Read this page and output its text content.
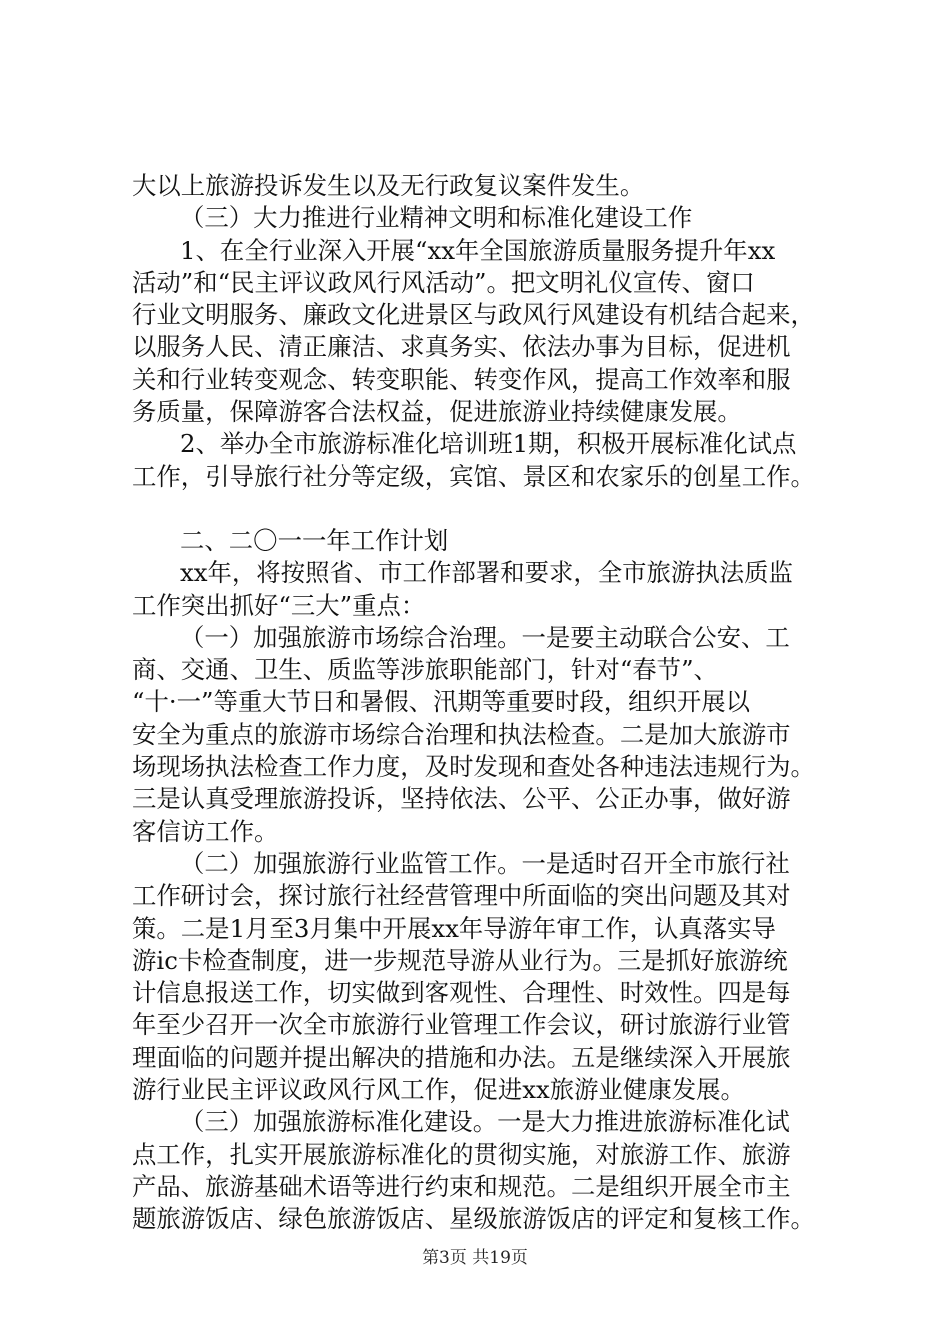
大以上旅游投诉发生以及无行政复议案件发生。
（三）大力推进行业精神文明和标准化建设工作
1、在全行业深入开展“xx年全国旅游质量服务提升年xx
活动”和“民主评议政风行风活动”。把文明礼仪宣传、窗口
行业文明服务、廉政文化进景区与政风行风建设有机结合起来，
以服务人民、清正廉洁、求真务实、依法办事为目标，促进机
关和行业转变观念、转变职能、转变作风，提高工作效率和服
务质量，保障游客合法权益，促进旅游业持续健康发展。
2、举办全市旅游标准化培训班1期，积极开展标准化试点
工作，引导旅行社分等定级，宾馆、景区和农家乐的创星工作。
二、二〇一一年工作计划
xx年，将按照省、市工作部署和要求，全市旅游执法质监
工作突出抓好“三大”重点：
（一）加强旅游市场综合治理。一是要主动联合公安、工
商、交通、卫生、质监等涉旅职能部门，针对“春节”、
“十·一”等重大节日和暑假、汛期等重要时段，组织开展以
安全为重点的旅游市场综合治理和执法检查。二是加大旅游市
场现场执法检查工作力度，及时发现和查处各种违法违规行为。
三是认真受理旅游投诉，坚持依法、公平、公正办事，做好游
客信访工作。
（二）加强旅游行业监管工作。一是适时召开全市旅行社
工作研讨会，探讨旅行社经营管理中所面临的突出问题及其对
策。二是1月至3月集中开展xx年导游年审工作，认真落实导
游ic卡检查制度，进一步规范导游从业行为。三是抓好旅游统
计信息报送工作，切实做到客观性、合理性、时效性。四是每
年至少召开一次全市旅游行业管理工作会议，研讨旅游行业管
理面临的问题并提出解决的措施和办法。五是继续深入开展旅
游行业民主评议政风行风工作，促进xx旅游业健康发展。
（三）加强旅游标准化建设。一是大力推进旅游标准化试
点工作，扎实开展旅游标准化的贯彻实施，对旅游工作、旅游
产品、旅游基础术语等进行约束和规范。二是组织开展全市主
题旅游饭店、绿色旅游饭店、星级旅游饭店的评定和复核工作。
第3页 共19页
